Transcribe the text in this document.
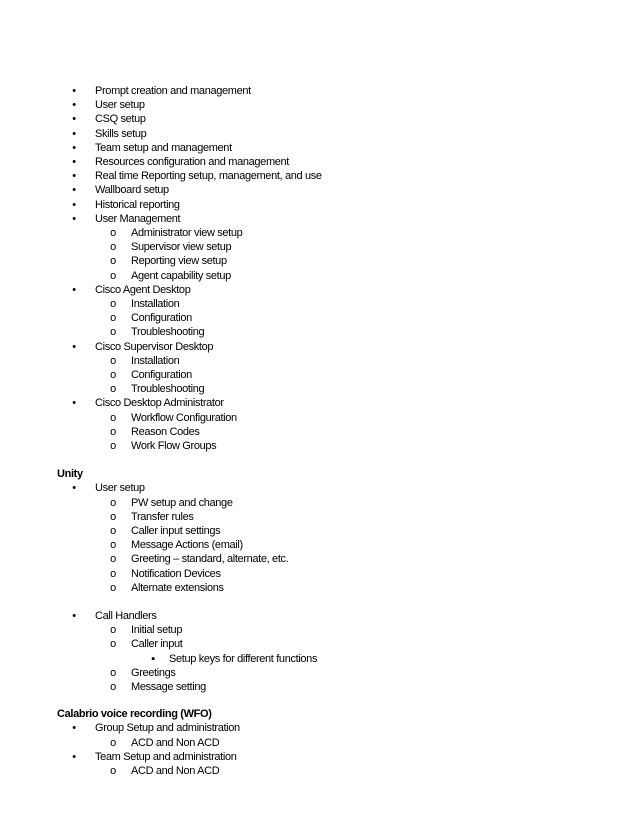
•	Prompt creation and management
•	User setup
•	CSQ setup
•	Skills setup
•	Team setup and management
•	Resources configuration and management
•	Real time Reporting setup, management, and use
•	Wallboard setup
•	Historical reporting
•	User Management
o	Administrator view setup
o	Supervisor view setup
o	Reporting view setup
o	Agent capability setup
•	Cisco Agent Desktop
o	Installation
o	Configuration
o	Troubleshooting
•	Cisco Supervisor Desktop
o	Installation
o	Configuration
o	Troubleshooting
•	Cisco Desktop Administrator
o	Workflow Configuration
o	Reason Codes
o	Work Flow Groups
Unity
•	User setup
o	PW setup and change
o	Transfer rules
o	Caller input settings
o	Message Actions (email)
o	Greeting – standard, alternate, etc.
o	Notification Devices
o	Alternate extensions
•	Call Handlers
o	Initial setup
o	Caller input
▪	Setup keys for different functions
o	Greetings
o	Message setting
Calabrio voice recording (WFO)
•	Group Setup and administration
o	ACD and Non ACD
•	Team Setup and administration
o	ACD and Non ACD
